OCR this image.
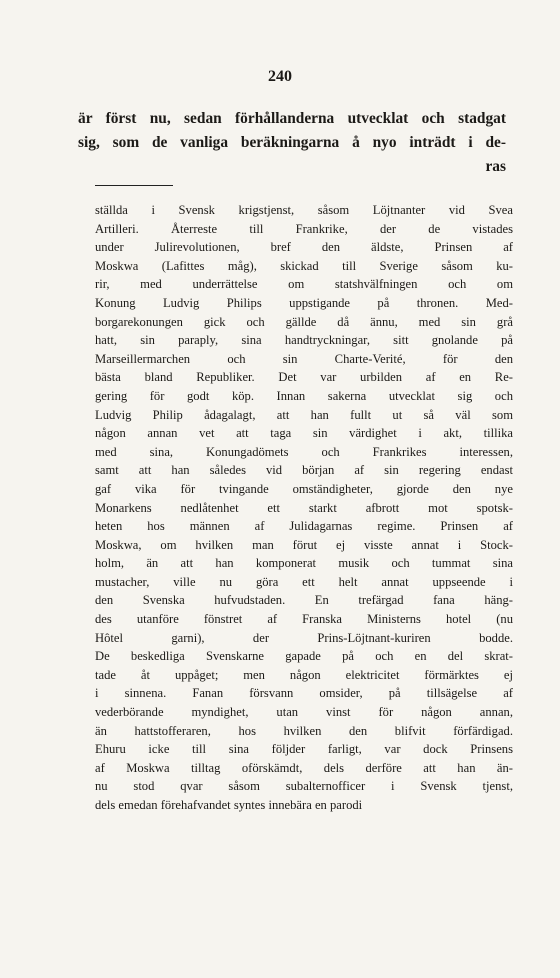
240
är först nu, sedan förhållanderna utvecklat och stadgat
sig, som de vanliga beräkningarna å nyo inträdt i de-
ras
ställda i Svensk krigstjenst, såsom Löjtnanter vid Svea
Artilleri. Återreste till Frankrike, der de vistades
under Julirevolutionen, bref den äldste, Prinsen af
Moskwa (Lafittes måg), skickad till Sverige såsom ku-
rir, med underrättelse om statshvälfningen och om
Konung Ludvig Philips uppstigande på thronen. Med-
borgarekonungen gick och gällde då ännu, med sin grå
hatt, sin paraply, sina handtryckningar, sitt gnolande på
Marseillermarchen och sin Charte-Verité, för den
bästa bland Republiker. Det var urbilden af en Re-
gering för godt köp. Innan sakerna utvecklat sig och
Ludvig Philip ådagalagt, att han fullt ut så väl som
någon annan vet att taga sin värdighet i akt, tillika
med sina, Konungadömets och Frankrikes interessen,
samt att han således vid början af sin regering endast
gaf vika för tvingande omständigheter, gjorde den nye
Monarkens nedlåtenhet ett starkt afbrott mot spotsk-
heten hos männen af Julidagarnas regime. Prinsen af
Moskwa, om hvilken man förut ej visste annat i Stock-
holm, än att han komponerat musik och tummat sina
mustacher, ville nu göra ett helt annat uppseende i
den Svenska hufvudstaden. En trefärgad fana häng-
des utanföre fönstret af Franska Ministerns hotel (nu
Hôtel garni), der Prins-Löjtnant-kuriren bodde.
De beskedliga Svenskarne gapade på och en del skrat-
tade åt uppåget; men någon elektricitet förmärktes ej
i sinnena. Fanan försvann omsider, på tillsägelse af
vederbörande myndighet, utan vinst för någon annan,
än hattstofferaren, hos hvilken den blifvit förfärdigad.
Ehuru icke till sina följder farligt, var dock Prinsens
af Moskwa tilltag oförskämdt, dels derföre att han än-
nu stod qvar såsom subalternofficer i Svensk tjenst,
dels emedan förehafvandet syntes innebära en parodi
